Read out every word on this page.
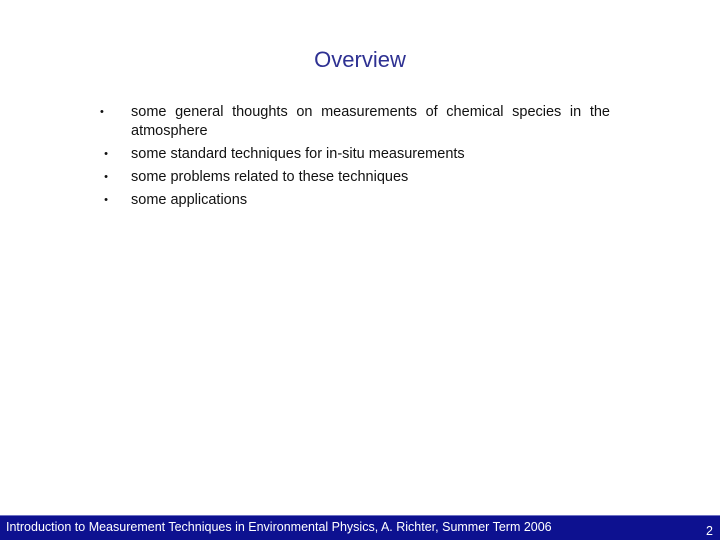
Overview
•	some general thoughts on measurements of chemical species in the atmosphere
• some standard techniques for in-situ measurements
• some problems related to these techniques
• some applications
Introduction to Measurement Techniques in Environmental Physics, A. Richter, Summer Term 2006	2
